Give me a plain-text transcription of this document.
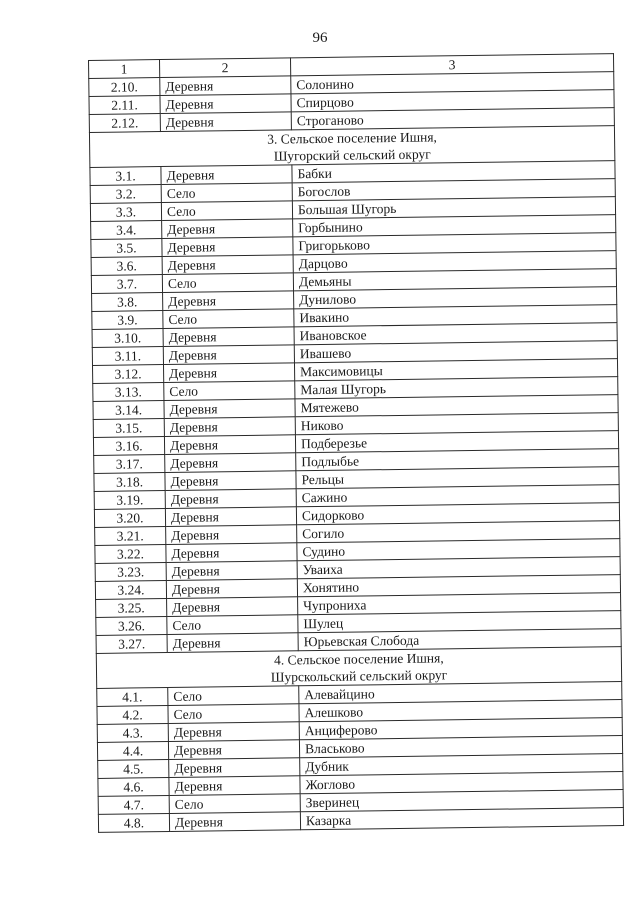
96
1	2	3
2.10.	Деревня	Солонино
2.11.	Деревня	Спирцово
2.12.	Деревня	Строганово

3. Сельское поселение Ишня,
Шугорский сельский округ		

3.1.	Деревня	Бабки
3.2.	Село	Богослов
3.3.	Село	Большая Шугорь
3.4.	Деревня	Горбынино
3.5.	Деревня	Григорьково
3.6.	Деревня	Дарцово
3.7.	Село	Демьяны
3.8.	Деревня	Дунилово
3.9.	Село	Ивакино
3.10.	Деревня	Ивановское
3.11.	Деревня	Ивашево
3.12.	Деревня	Максимовицы
3.13.	Село	Малая Шугорь
3.14.	Деревня	Мятежево
3.15.	Деревня	Никово
3.16.	Деревня	Подберезье
3.17.	Деревня	Подлыбье
3.18.	Деревня	Рельцы
3.19.	Деревня	Сажино
3.20.	Деревня	Сидорково
3.21.	Деревня	Согило
3.22.	Деревня	Судино
3.23.	Деревня	Уваиха
3.24.	Деревня	Хонятино
3.25.	Деревня	Чупрониха
3.26.	Село	Шулец
3.27.	Деревня	Юрьевская Слобода

4. Сельское поселение Ишня,
Шурскольский сельский округ		

4.1.	Село	Алевайцино
4.2.	Село	Алешково
4.3.	Деревня	Анциферово
4.4.	Деревня	Власьково
4.5.	Деревня	Дубник
4.6.	Деревня	Жоглово
4.7.	Село	Зверинец
4.8.	Деревня	Казарка
